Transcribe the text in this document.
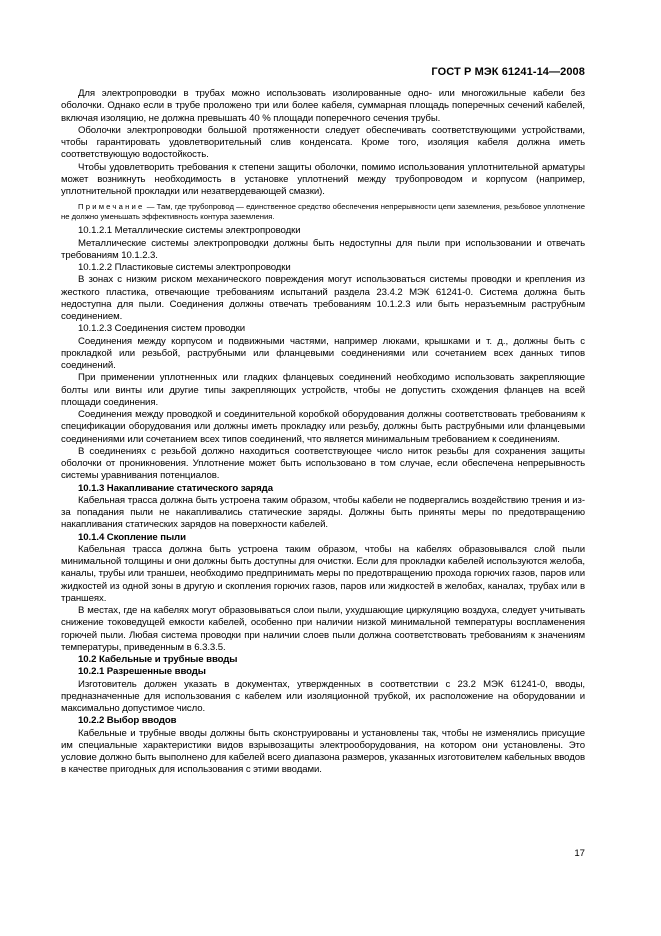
ГОСТ Р МЭК 61241-14—2008

Для электропроводки в трубах можно использовать изолированные одно- или многожильные кабели без оболочки. Однако если в трубе проложено три или более кабеля, суммарная площадь поперечных сечений кабелей, включая изоляцию, не должна превышать 40 % площади поперечного сечения трубы.

Оболочки электропроводки большой протяженности следует обеспечивать соответствующими устройствами, чтобы гарантировать удовлетворительный слив конденсата. Кроме того, изоляция кабеля должна иметь соответствующую водостойкость.

Чтобы удовлетворить требования к степени защиты оболочки, помимо использования уплотнительной арматуры может возникнуть необходимость в установке уплотнений между трубопроводом и корпусом (например, уплотнительной прокладки или незатвердевающей смазки).

Примечание — Там, где трубопровод — единственное средство обеспечения непрерывности цепи заземления, резьбовое уплотнение не должно уменьшать эффективность контура заземления.

10.1.2.1 Металлические системы электропроводки

Металлические системы электропроводки должны быть недоступны для пыли при использовании и отвечать требованиям 10.1.2.3.

10.1.2.2 Пластиковые системы электропроводки

В зонах с низким риском механического повреждения могут использоваться системы проводки и крепления из жесткого пластика, отвечающие требованиям испытаний раздела 23.4.2 МЭК 61241-0. Система должна быть недоступна для пыли. Соединения должны отвечать требованиям 10.1.2.3 или быть неразъемным раструбным соединением.

10.1.2.3 Соединения систем проводки

Соединения между корпусом и подвижными частями, например люками, крышками и т. д., должны быть с прокладкой или резьбой, раструбными или фланцевыми соединениями или сочетанием всех данных типов соединений.

При применении уплотненных или гладких фланцевых соединений необходимо использовать закрепляющие болты или винты или другие типы закрепляющих устройств, чтобы не допустить схождения фланцев на всей площади соединения.

Соединения между проводкой и соединительной коробкой оборудования должны соответствовать требованиям к спецификации оборудования или должны иметь прокладку или резьбу, должны быть раструбными или фланцевыми соединениями или сочетанием всех типов соединений, что является минимальным требованием к соединениям.

В соединениях с резьбой должно находиться соответствующее число ниток резьбы для сохранения защиты оболочки от проникновения. Уплотнение может быть использовано в том случае, если обеспечена непрерывность системы уравнивания потенциалов.

10.1.3 Накапливание статического заряда

Кабельная трасса должна быть устроена таким образом, чтобы кабели не подвергались воздействию трения и из-за попадания пыли не накапливались статические заряды. Должны быть приняты меры по предотвращению накапливания статических зарядов на поверхности кабелей.

10.1.4 Скопление пыли

Кабельная трасса должна быть устроена таким образом, чтобы на кабелях образовывался слой пыли минимальной толщины и они должны быть доступны для очистки. Если для прокладки кабелей используются желоба, каналы, трубы или траншеи, необходимо предпринимать меры по предотвращению прохода горючих газов, паров или жидкостей из одной зоны в другую и скопления горючих газов, паров или жидкостей в желобах, каналах, трубах или в траншеях.

В местах, где на кабелях могут образовываться слои пыли, ухудшающие циркуляцию воздуха, следует учитывать снижение токоведущей емкости кабелей, особенно при наличии низкой минимальной температуры воспламенения горючей пыли. Любая система проводки при наличии слоев пыли должна соответствовать требованиям к значениям температуры, приведенным в 6.3.3.5.

10.2 Кабельные и трубные вводы

10.2.1 Разрешенные вводы

Изготовитель должен указать в документах, утвержденных в соответствии с 23.2 МЭК 61241-0, вводы, предназначенные для использования с кабелем или изоляционной трубкой, их расположение на оборудовании и максимально допустимое число.

10.2.2 Выбор вводов

Кабельные и трубные вводы должны быть сконструированы и установлены так, чтобы не изменялись присущие им специальные характеристики видов взрывозащиты электрооборудования, на котором они установлены. Это условие должно быть выполнено для кабелей всего диапазона размеров, указанных изготовителем кабельных вводов в качестве пригодных для использования с этими вводами.

17
